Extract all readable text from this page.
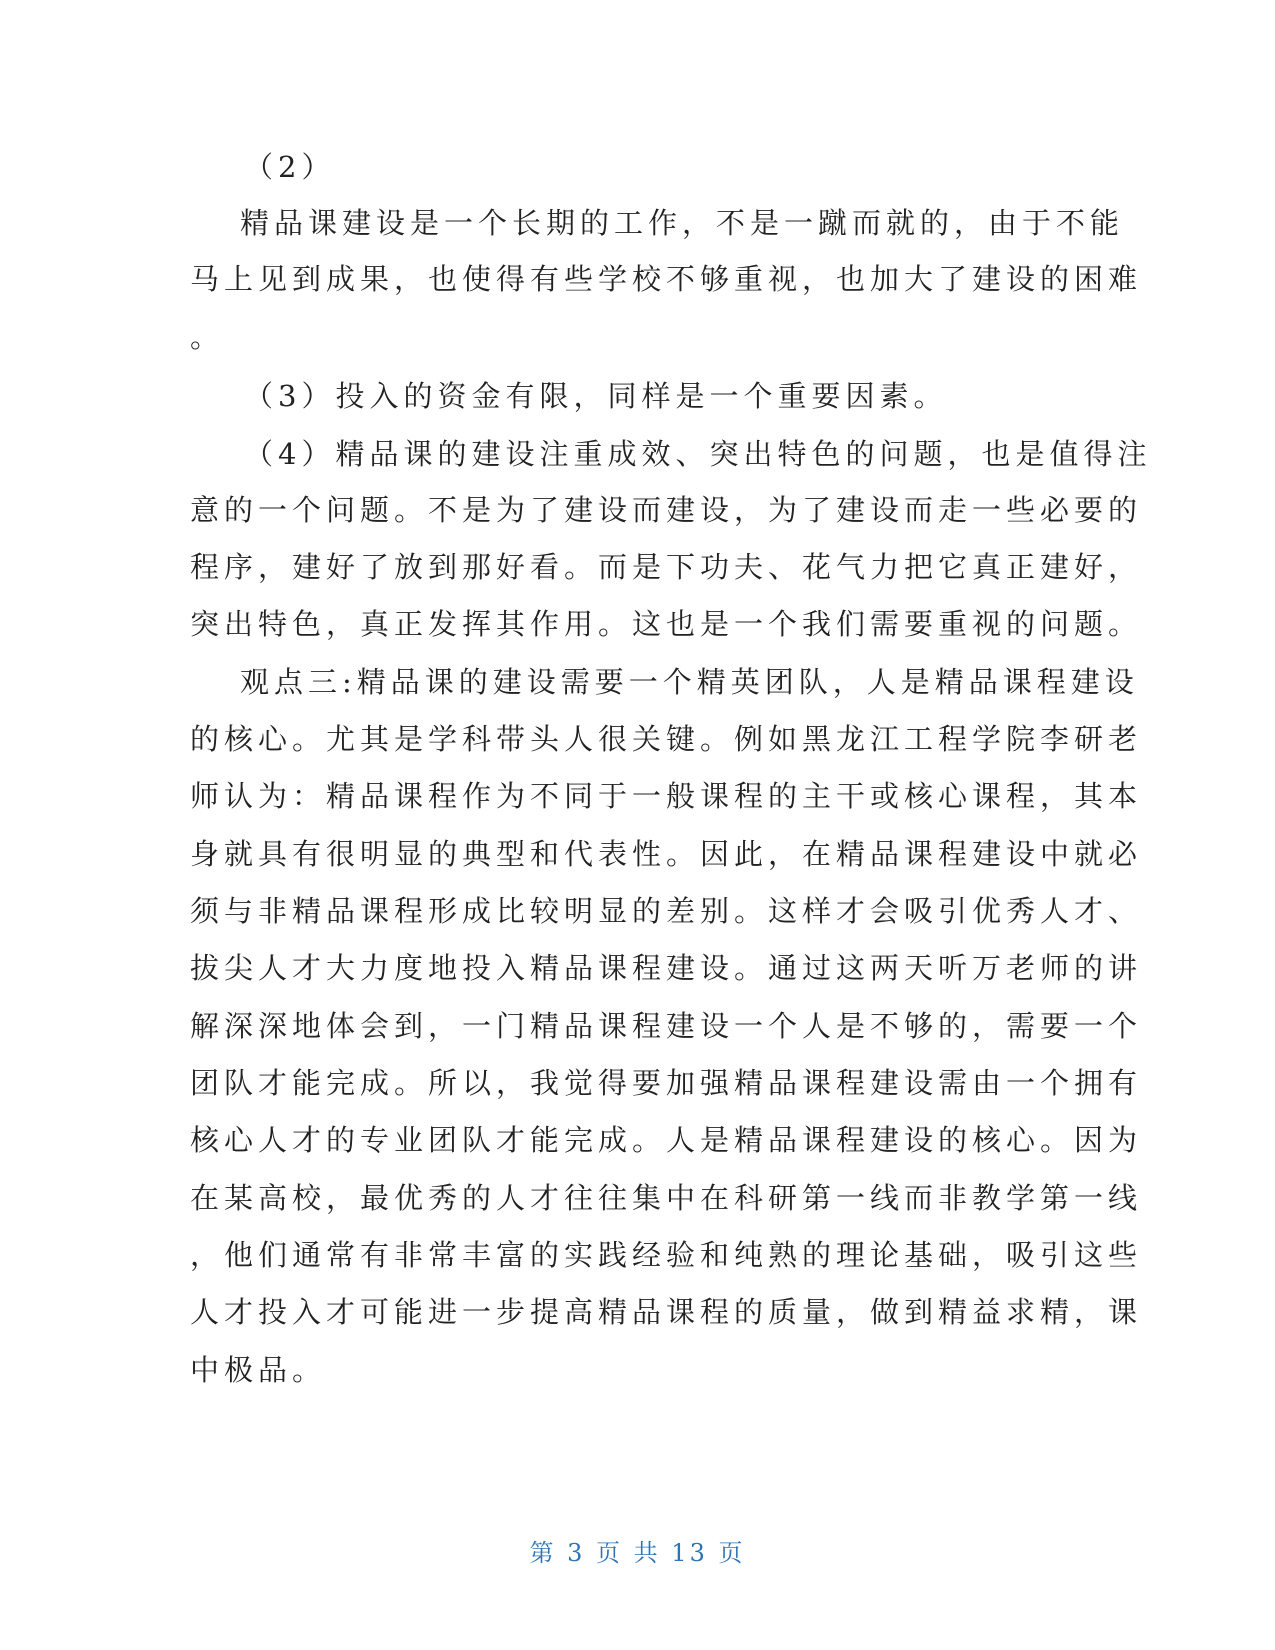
（2）
精品课建设是一个长期的工作，不是一蹴而就的，由于不能
马上见到成果，也使得有些学校不够重视，也加大了建设的困难
。
（3）投入的资金有限，同样是一个重要因素。
（4）精品课的建设注重成效、突出特色的问题，也是值得注
意的一个问题。不是为了建设而建设，为了建设而走一些必要的
程序，建好了放到那好看。而是下功夫、花气力把它真正建好，
突出特色，真正发挥其作用。这也是一个我们需要重视的问题。
观点三:精品课的建设需要一个精英团队，人是精品课程建设
的核心。尤其是学科带头人很关键。例如黑龙江工程学院李研老
师认为：精品课程作为不同于一般课程的主干或核心课程，其本
身就具有很明显的典型和代表性。因此，在精品课程建设中就必
须与非精品课程形成比较明显的差别。这样才会吸引优秀人才、
拔尖人才大力度地投入精品课程建设。通过这两天听万老师的讲
解深深地体会到，一门精品课程建设一个人是不够的，需要一个
团队才能完成。所以，我觉得要加强精品课程建设需由一个拥有
核心人才的专业团队才能完成。人是精品课程建设的核心。因为
在某高校，最优秀的人才往往集中在科研第一线而非教学第一线
，他们通常有非常丰富的实践经验和纯熟的理论基础，吸引这些
人才投入才可能进一步提高精品课程的质量，做到精益求精，课
中极品。
第 3 页 共 13 页
